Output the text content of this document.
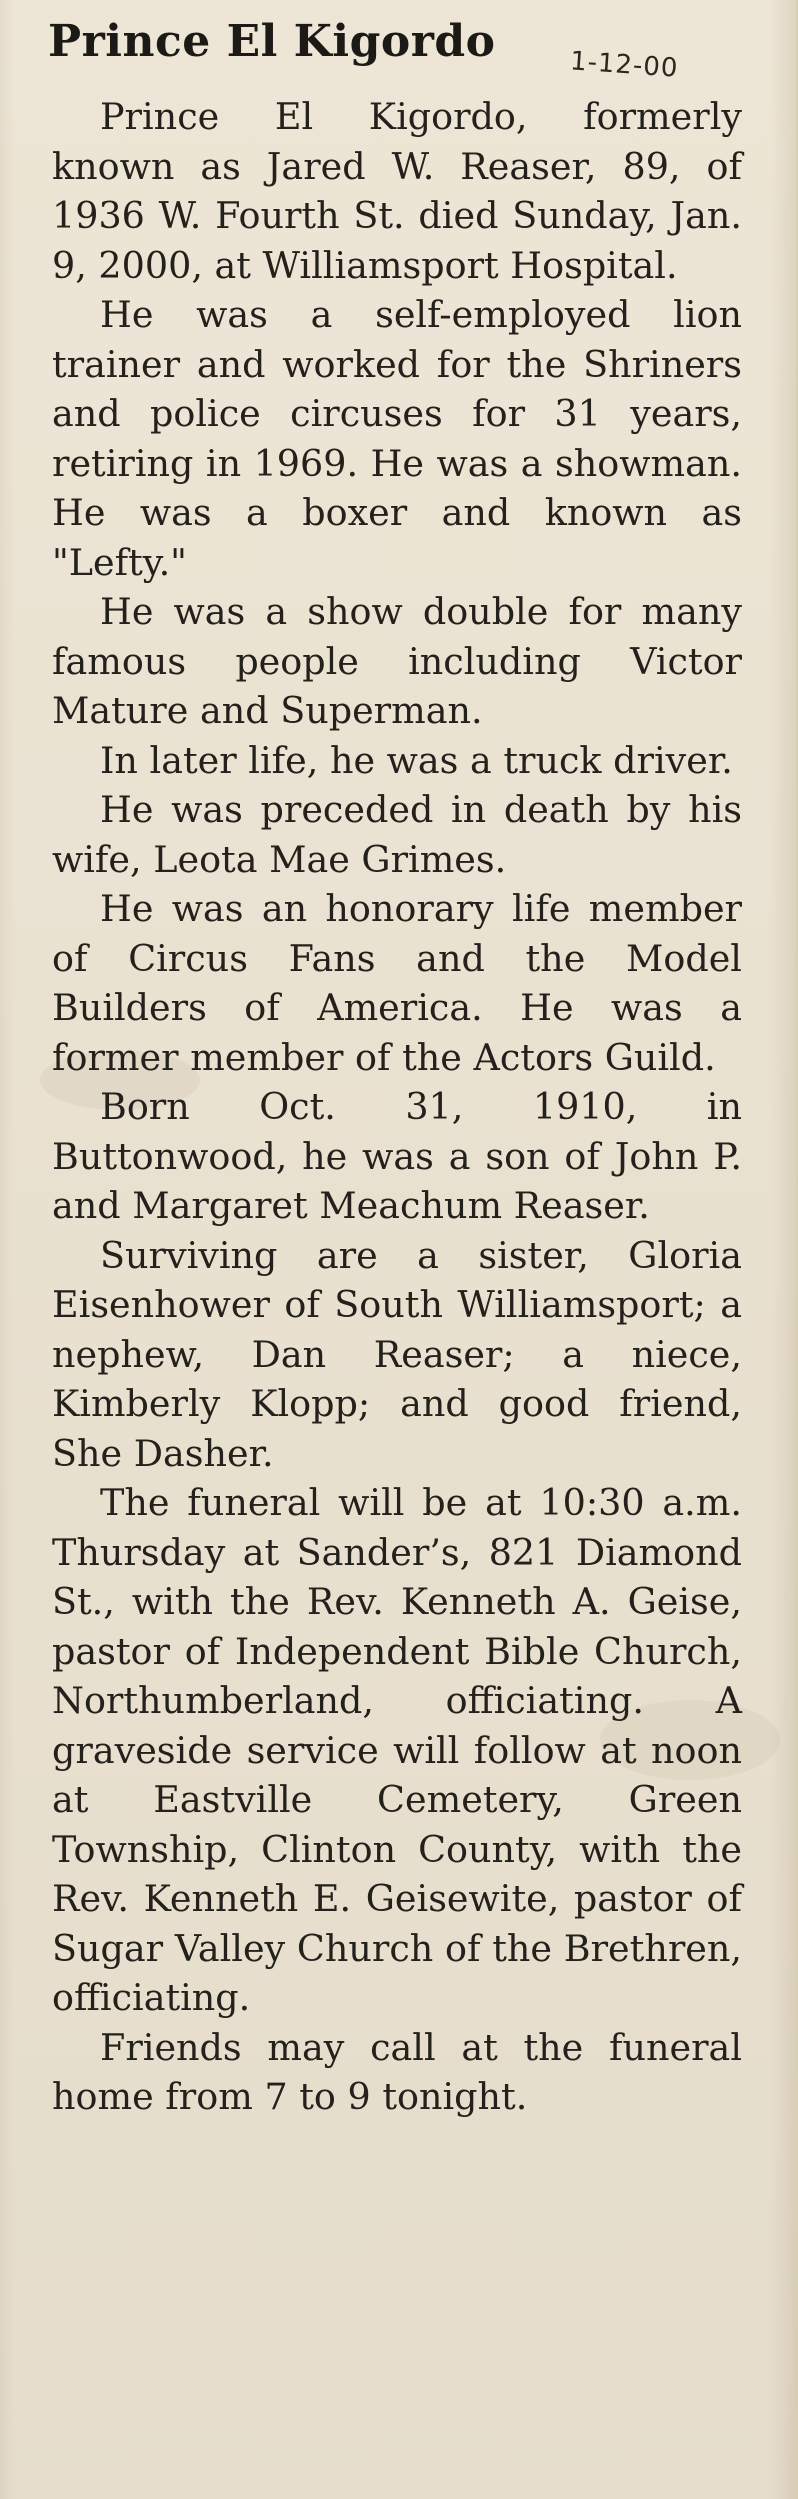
Prince El Kigordo	1-12-00

Prince El Kigordo, formerly known as Jared W. Reaser, 89, of 1936 W. Fourth St. died Sunday, Jan. 9, 2000, at Williamsport Hospital.

He was a self-employed lion trainer and worked for the Shriners and police circuses for 31 years, retiring in 1969. He was a showman. He was a boxer and known as "Lefty."

He was a show double for many famous people including Victor Mature and Superman.

In later life, he was a truck driver.

He was preceded in death by his wife, Leota Mae Grimes.

He was an honorary life member of Circus Fans and the Model Builders of America. He was a former member of the Actors Guild.

Born Oct. 31, 1910, in Buttonwood, he was a son of John P. and Margaret Meachum Reaser.

Surviving are a sister, Gloria Eisenhower of South Williamsport; a nephew, Dan Reaser; a niece, Kimberly Klopp; and good friend, She Dasher.

The funeral will be at 10:30 a.m. Thursday at Sander’s, 821 Diamond St., with the Rev. Kenneth A. Geise, pastor of Independent Bible Church, Northumberland, officiating. A graveside service will follow at noon at Eastville Cemetery, Green Township, Clinton County, with the Rev. Kenneth E. Geisewite, pastor of Sugar Valley Church of the Brethren, officiating.

Friends may call at the funeral home from 7 to 9 tonight.
